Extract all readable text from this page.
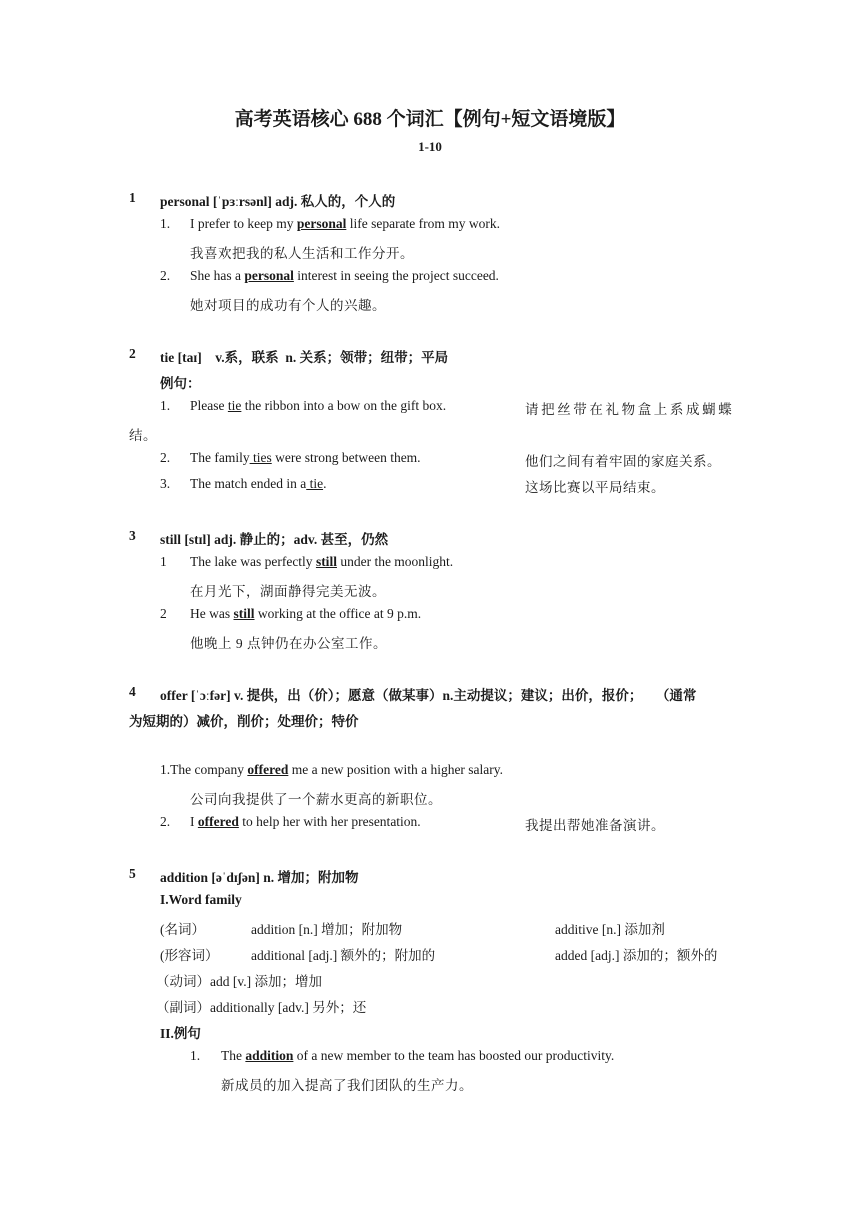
高考英语核心 688 个词汇【例句+短文语境版】
1-10
1 personal [ˈpɜːrsənl] adj. 私人的，个人的
1. I prefer to keep my personal life separate from my work.
我喜欢把我的私人生活和工作分开。
2. She has a personal interest in seeing the project succeed.
她对项目的成功有个人的兴趣。
2 tie [taɪ]    v.系，联系  n. 关系；领带；纽带；平局
例句：
1. Please tie the ribbon into a bow on the gift box.	请把丝带在礼物盒上系成蝴蝶
结。
2. The family ties were strong between them.	他们之间有着牢固的家庭关系。
3. The match ended in a tie.	这场比赛以平局结束。
3 still [stɪl] adj. 静止的；adv. 甚至，仍然
1 The lake was perfectly still under the moonlight.
在月光下，湖面静得完美无波。
2 He was still working at the office at 9 p.m.
他晚上 9 点钟仍在办公室工作。
4 offer [ˈɔːfər] v. 提供，出（价）；愿意（做某事）n.主动提议；建议；出价，报价；    （通常
为短期的）减价，削价；处理价；特价
1.The company offered me a new position with a higher salary.
公司向我提供了一个薪水更高的新职位。
2. I offered to help her with her presentation.	我提出帮她准备演讲。
5 addition [əˈdɪʃən] n. 增加；附加物
I.Word family
(名词）	addition [n.] 增加；附加物	additive [n.] 添加剂
(形容词） additional [adj.] 额外的；附加的	added [adj.] 添加的；额外的
（动词）add [v.] 添加；增加
（副词）additionally [adv.] 另外；还
II.例句
1. The addition of a new member to the team has boosted our productivity.
新成员的加入提高了我们团队的生产力。
